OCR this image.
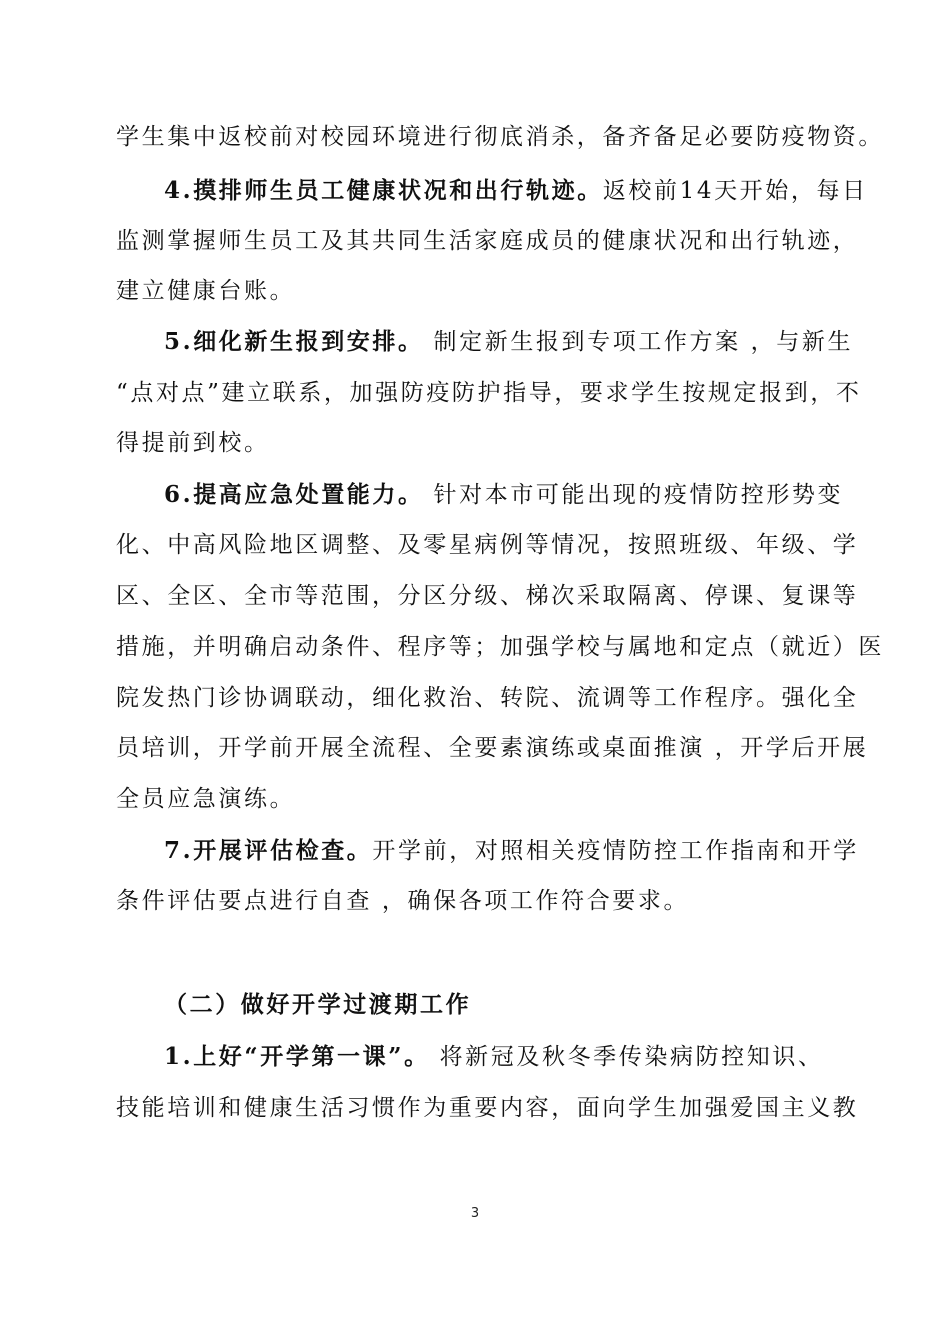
学生集中返校前对校园环境进行彻底消杀，备齐备足必要防疫物资。
4.摸排师生员工健康状况和出行轨迹。返校前14天开始，每日
监测掌握师生员工及其共同生活家庭成员的健康状况和出行轨迹，
建立健康台账。
5.细化新生报到安排。 制定新生报到专项工作方案 ，与新生
“点对点”建立联系，加强防疫防护指导，要求学生按规定报到，不
得提前到校。
6.提高应急处置能力。 针对本市可能出现的疫情防控形势变
化、中高风险地区调整、及零星病例等情况，按照班级、年级、学
区、全区、全市等范围，分区分级、梯次采取隔离、停课、复课等
措施，并明确启动条件、程序等；加强学校与属地和定点（就近）医
院发热门诊协调联动，细化救治、转院、流调等工作程序。强化全
员培训，开学前开展全流程、全要素演练或桌面推演 ，开学后开展
全员应急演练。
7.开展评估检查。开学前，对照相关疫情防控工作指南和开学
条件评估要点进行自查 ，确保各项工作符合要求。
（二）做好开学过渡期工作
1.上好“开学第一课”。 将新冠及秋冬季传染病防控知识、
技能培训和健康生活习惯作为重要内容，面向学生加强爱国主义教
3
